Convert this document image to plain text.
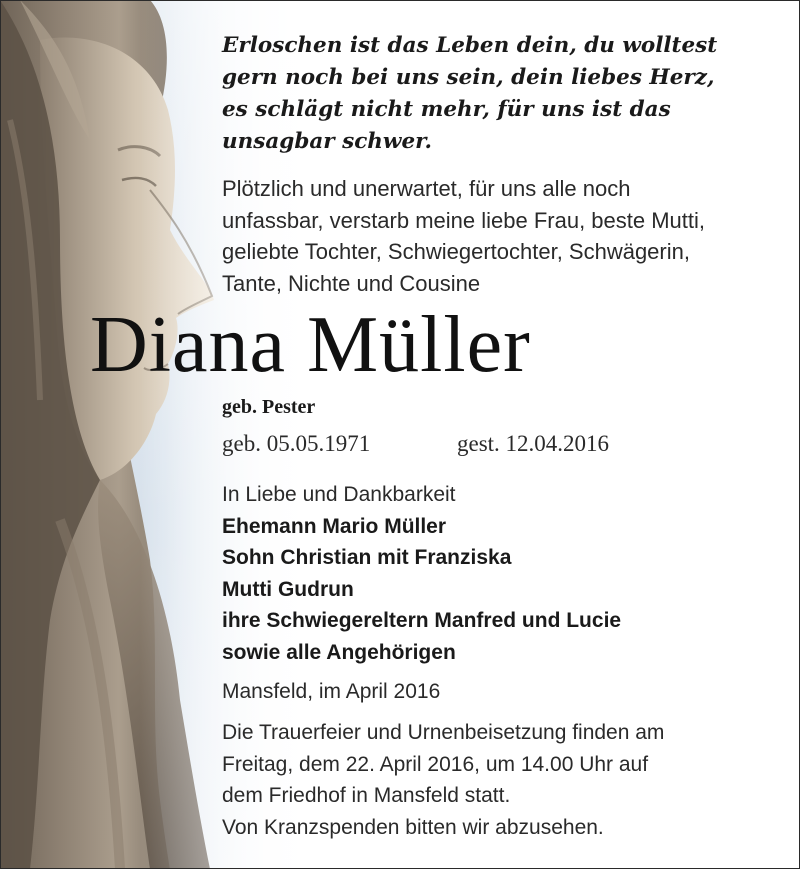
Erloschen ist das Leben dein, du wolltest
gern noch bei uns sein, dein liebes Herz,
es schlägt nicht mehr, für uns ist das
unsagbar schwer.
Plötzlich und unerwartet, für uns alle noch
unfassbar, verstarb meine liebe Frau, beste Mutti,
geliebte Tochter, Schwiegertochter, Schwägerin,
Tante, Nichte und Cousine
Diana Müller
geb. Pester
geb. 05.05.1971	gest. 12.04.2016
In Liebe und Dankbarkeit
Ehemann Mario Müller
Sohn Christian mit Franziska
Mutti Gudrun
ihre Schwiegereltern Manfred und Lucie
sowie alle Angehörigen
Mansfeld, im April 2016
Die Trauerfeier und Urnenbeisetzung finden am
Freitag, dem 22. April 2016, um 14.00 Uhr auf
dem Friedhof in Mansfeld statt.
Von Kranzspenden bitten wir abzusehen.
